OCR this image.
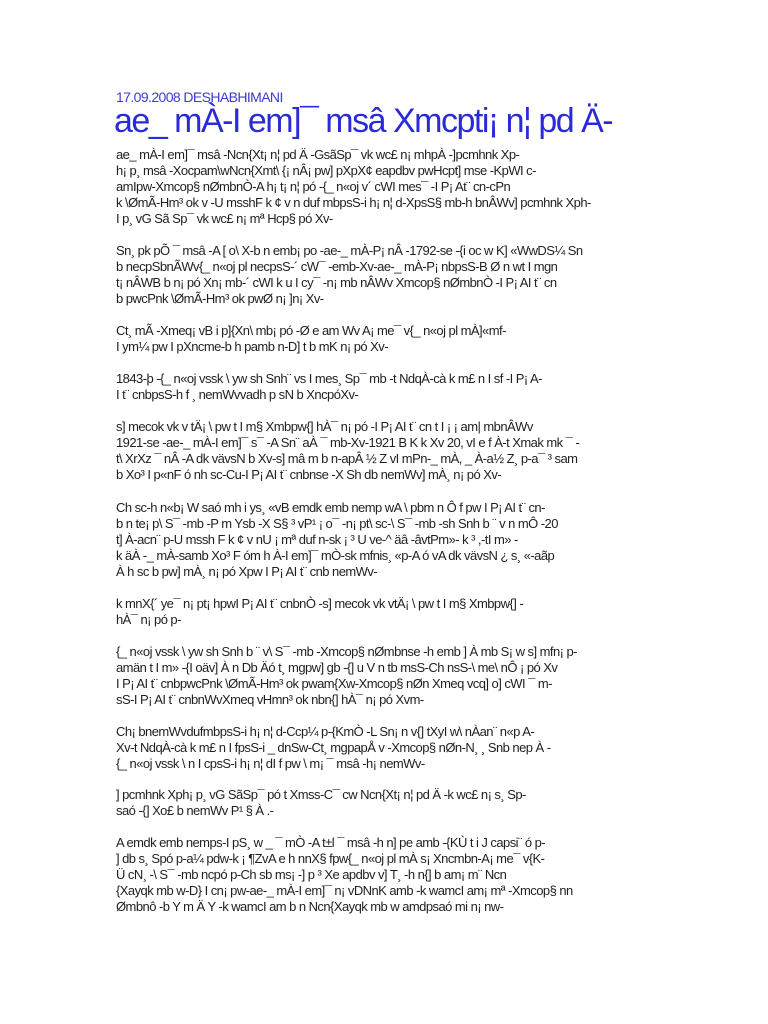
17.09.2008 DESHABHIMANI
ae_ mÀ-I em]¯ msâ Xmcpti¡ n¦ pd Ä-
ae_ mÀ-I em]¯ msâ -Ncn{Xt¡ n¦ pd Ä -GsãSp¯ vk wc£ n¡ mhpÀ -]pcmhnk Xp-
h¡ p¸ msâ -Xocpam\wNcn{Xmt\ {¡ nÂ¡ pw] pXpX¢ eapdbv pwHcpt] mse -KpWI c-
amIpw-Xmcop§ nØmbnÒ-A h¡ t¡ n¦ pó -{_ n«oj v´ cWI mes¯ -I P¡ At¨ cn-cPn
k \ØmÃ-Hm³ ok v -U msshF k ¢ v n duf mbpsS-i h¡ n¦ d-XpsS§ mb-h bnÂWv] pcmhnk Xph-
I p¸ vG Sã Sp¯ vk wc£ n¡ mª Hcp§ pó Xv-
Sn¸ pk pÕ ¯ msâ -A [ o\ X-b n emb¡ po -ae-_ mÀ-P¡ nÂ -1792-se -{i oc w K] «WwDS¼ Sn
b necpSbnÃWv{_ n«oj pl necpsS-´ cW¯ -emb-Xv-ae-_ mÀ-P¡ nbpsS-B Ø n wt I mgn
t¡ nÂWB b n¡ pó Xn¡ mb-´ cWI k u I cy¯ -n¡ mb nÂWv Xmcop§ nØmbnÒ -I P¡ AI t¨ cn
b pwcPnk \ØmÃ-Hm³ ok pwØ n¡ ]n¡ Xv-
Ct¸ mÃ -Xmeq¡ vB i p]{Xn\ mb¡ pó -Ø e am Wv A¡ me¯ v{_ n«oj pl mÀ]«mf-
I ym¼ pw I pXncme-b h pamb n-D] t b mK n¡ pó Xv-
1843-þ -{_ n«oj vssk \ yw sh Snh¨ vs I mes¸ Sp¯ mb -t NdqÀ-cà k m£ n I sf -I P¡ A-
I t¨ cnbpsS-h f ¸ nemWvvadh p sN b XncpóXv-
s] mecok vk v tÄ¡ \ pw t I m§ Xmbpw{] hÀ¯ n¡ pó -I P¡ AI t¨ cn t I ¡ ¡ am| mbnÂWv
1921-se -ae-_ mÀ-I em]¯ s¯ -A Sn¨ aÀ ¯ mb-Xv-1921 B K k Xv 20, vI e f À-t Xmak mk ¯ -
t\ XrXz ¯ nÂ -A dk vävsN b Xv-s] mâ m b n-apÂ ½ Z vI mPn-_ mÀ, _ À-a½ Z¸ p-a¯ ³ sam
b Xo³ I p«nF ó nh sc-Cu-I P¡ AI t¨ cnbnse -X Sh db nemWv] mÀ¸ n¡ pó Xv-
Ch sc-h n«b¡ W saó mh i ys¸ «vB emdk emb nemp wA \ pbm n Ô f pw I P¡ AI t¨ cn-
b n te¡ p\ S¯ -mb -P m Ysb -X S§ ³ vP¹ ¡ o¯ -n¡ pt\ sc-\ S¯ -mb -sh Snh b ¨ v n mÔ -20
t] À-acn¨ p-U mssh F k ¢ v nU ¡ mª duf n-sk ¡ ³ U ve-^ äâ -âvtPm»- k ³ ,-tI m» -
k äÀ -_ mÀ-samb Xo³ F óm h À-I em]¯ mÒ-sk mfnis¸ «p-A ó vA dk vävsN ¿ s¸ «-aãp
À h sc b pw] mÀ¸ n¡ pó Xpw I P¡ AI t¨ cnb nemWv-
k mnX{´ ye¯ n¡ pt¡ hpwI P¡ AI t¨ cnbnÒ -s] mecok vk vtÄ¡ \ pw t I m§ Xmbpw{] -
hÀ¯ n¡ pó p-
{_ n«oj vssk \ yw sh Snh b ¨ v\ S¯ -mb -Xmcop§ nØmbnse -h emb ] À mb S¡ w s] mfn¡ p-
amän t I m» -{I oäv] À n Db Äó t¸ mgpw] gb -{] u V n tb msS-Ch nsS-\ me\ nÔ ¡ pó Xv
I P¡ AI t¨ cnbpwcPnk \ØmÃ-Hm³ ok pwam{Xw-Xmcop§ nØn Xmeq vcq] o] cWI ¯ m-
sS-I P¡ AI t¨ cnbnWvXmeq vHmn³ ok nbn{] hÀ¯ n¡ pó Xvm-
Ch¡ bnemWvdufmbpsS-i h¡ n¦ d-Ccp¼ p-{KmÒ -L Sn¡ n v{] tXyI w\ nÀan¨ n«p A-
Xv-t NdqÀ-cà k m£ n I fpsS-i _ dnSw-Ct¸ mgpapÅ v -Xmcop§ nØn-N¸ ¸ Snb nep À -
{_ n«oj vssk \ n I cpsS-i h¡ n¦ dI f pw \ m¡ ¯ msâ -h¡ nemWv-
] pcmhnk Xph¡ p¸ vG SãSp¯ pó t Xmss-C¯ cw Ncn{Xt¡ n¦ pd Ä -k wc£ n¡ s¸ Sp-
saó -{] Xo£ b nemWv P¹ § À .-
A emdk emb nemps-I pS¸ w _ ¯ mÒ -A t±l ¯ msâ -h n] pe amb -{KÙ t i J capsi¨ ó p-
] db s¸ Spó p-a¼ pdw-k ¡ ¶ZvA e h nnX§ fpw{_ n«oj pl mÀ s¡ Xncmbn-A¡ me¯ v{K-
Ü cN¸ -\ S¯ -mb ncpó p-Ch sb ms¡ -] p ³ Xe apdbv v] T¸ -h n{] b am¡ m¨ Ncn
{Xayqk mb w-D} I cn¡ pw-ae-_ mÀ-I em]¯ n¡ vDNnK amb -k wamcI am¡ mª -Xmcop§ nn
Ømbnô -b Y m Ä Y -k wamcI am b n Ncn{Xayqk mb w amdpsaó mi n¡ nw-
